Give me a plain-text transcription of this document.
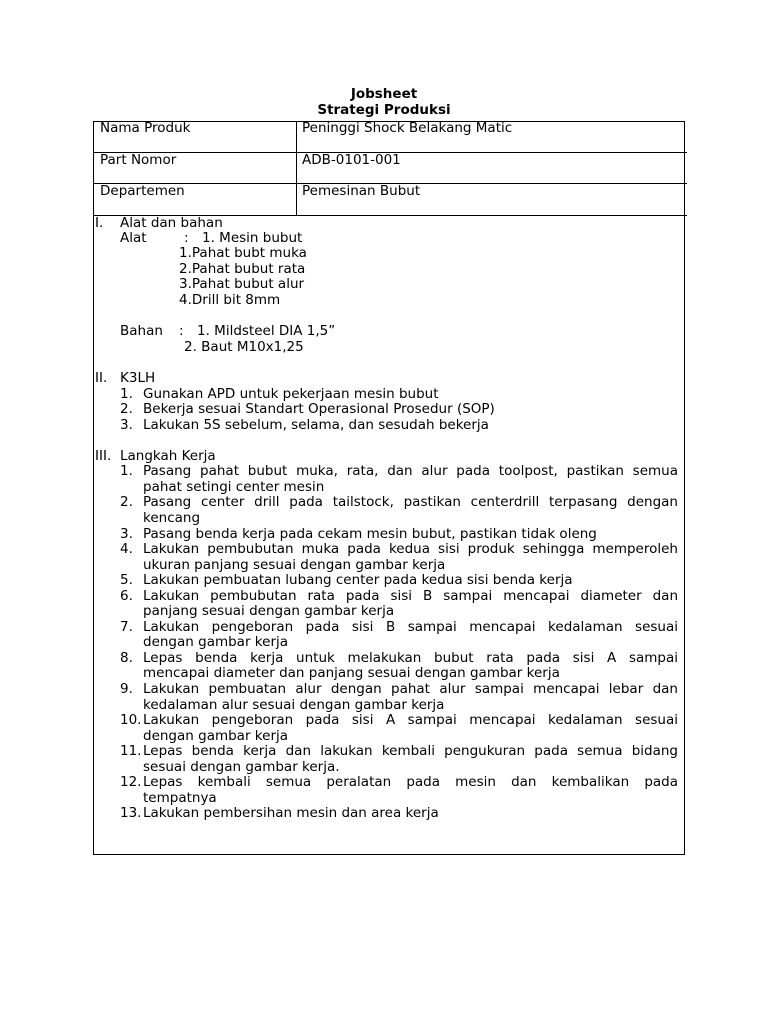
Jobsheet
Strategi Produksi
Nama Produk	Peninggi Shock Belakang Matic
Part Nomor	ADB-0101-001
Departemen	Pemesinan Bubut
I. Alat dan bahan
Alat	: 1. Mesin bubut
1.Pahat bubt muka
2.Pahat bubut rata
3.Pahat bubut alur
4.Drill bit 8mm
Bahan : 1. Mildsteel DIA 1,5”
2. Baut M10x1,25
II. K3LH
1. Gunakan APD untuk pekerjaan mesin bubut
2. Bekerja sesuai Standart Operasional Prosedur (SOP)
3. Lakukan 5S sebelum, selama, dan sesudah bekerja
III. Langkah Kerja
1. Pasang pahat bubut muka, rata, dan alur pada toolpost, pastikan semua
pahat setingi center mesin
2. Pasang center drill pada tailstock, pastikan centerdrill terpasang dengan
kencang
3. Pasang benda kerja pada cekam mesin bubut, pastikan tidak oleng
4. Lakukan pembubutan muka pada kedua sisi produk sehingga memperoleh
ukuran panjang sesuai dengan gambar kerja
5. Lakukan pembuatan lubang center pada kedua sisi benda kerja
6. Lakukan pembubutan rata pada sisi B sampai mencapai diameter dan
panjang sesuai dengan gambar kerja
7. Lakukan pengeboran pada sisi B sampai mencapai kedalaman sesuai
dengan gambar kerja
8. Lepas benda kerja untuk melakukan bubut rata pada sisi A sampai
mencapai diameter dan panjang sesuai dengan gambar kerja
9. Lakukan pembuatan alur dengan pahat alur sampai mencapai lebar dan
kedalaman alur sesuai dengan gambar kerja
10. Lakukan pengeboran pada sisi A sampai mencapai kedalaman sesuai
dengan gambar kerja
11. Lepas benda kerja dan lakukan kembali pengukuran pada semua bidang
sesuai dengan gambar kerja.
12. Lepas kembali semua peralatan pada mesin dan kembalikan pada
tempatnya
13. Lakukan pembersihan mesin dan area kerja
